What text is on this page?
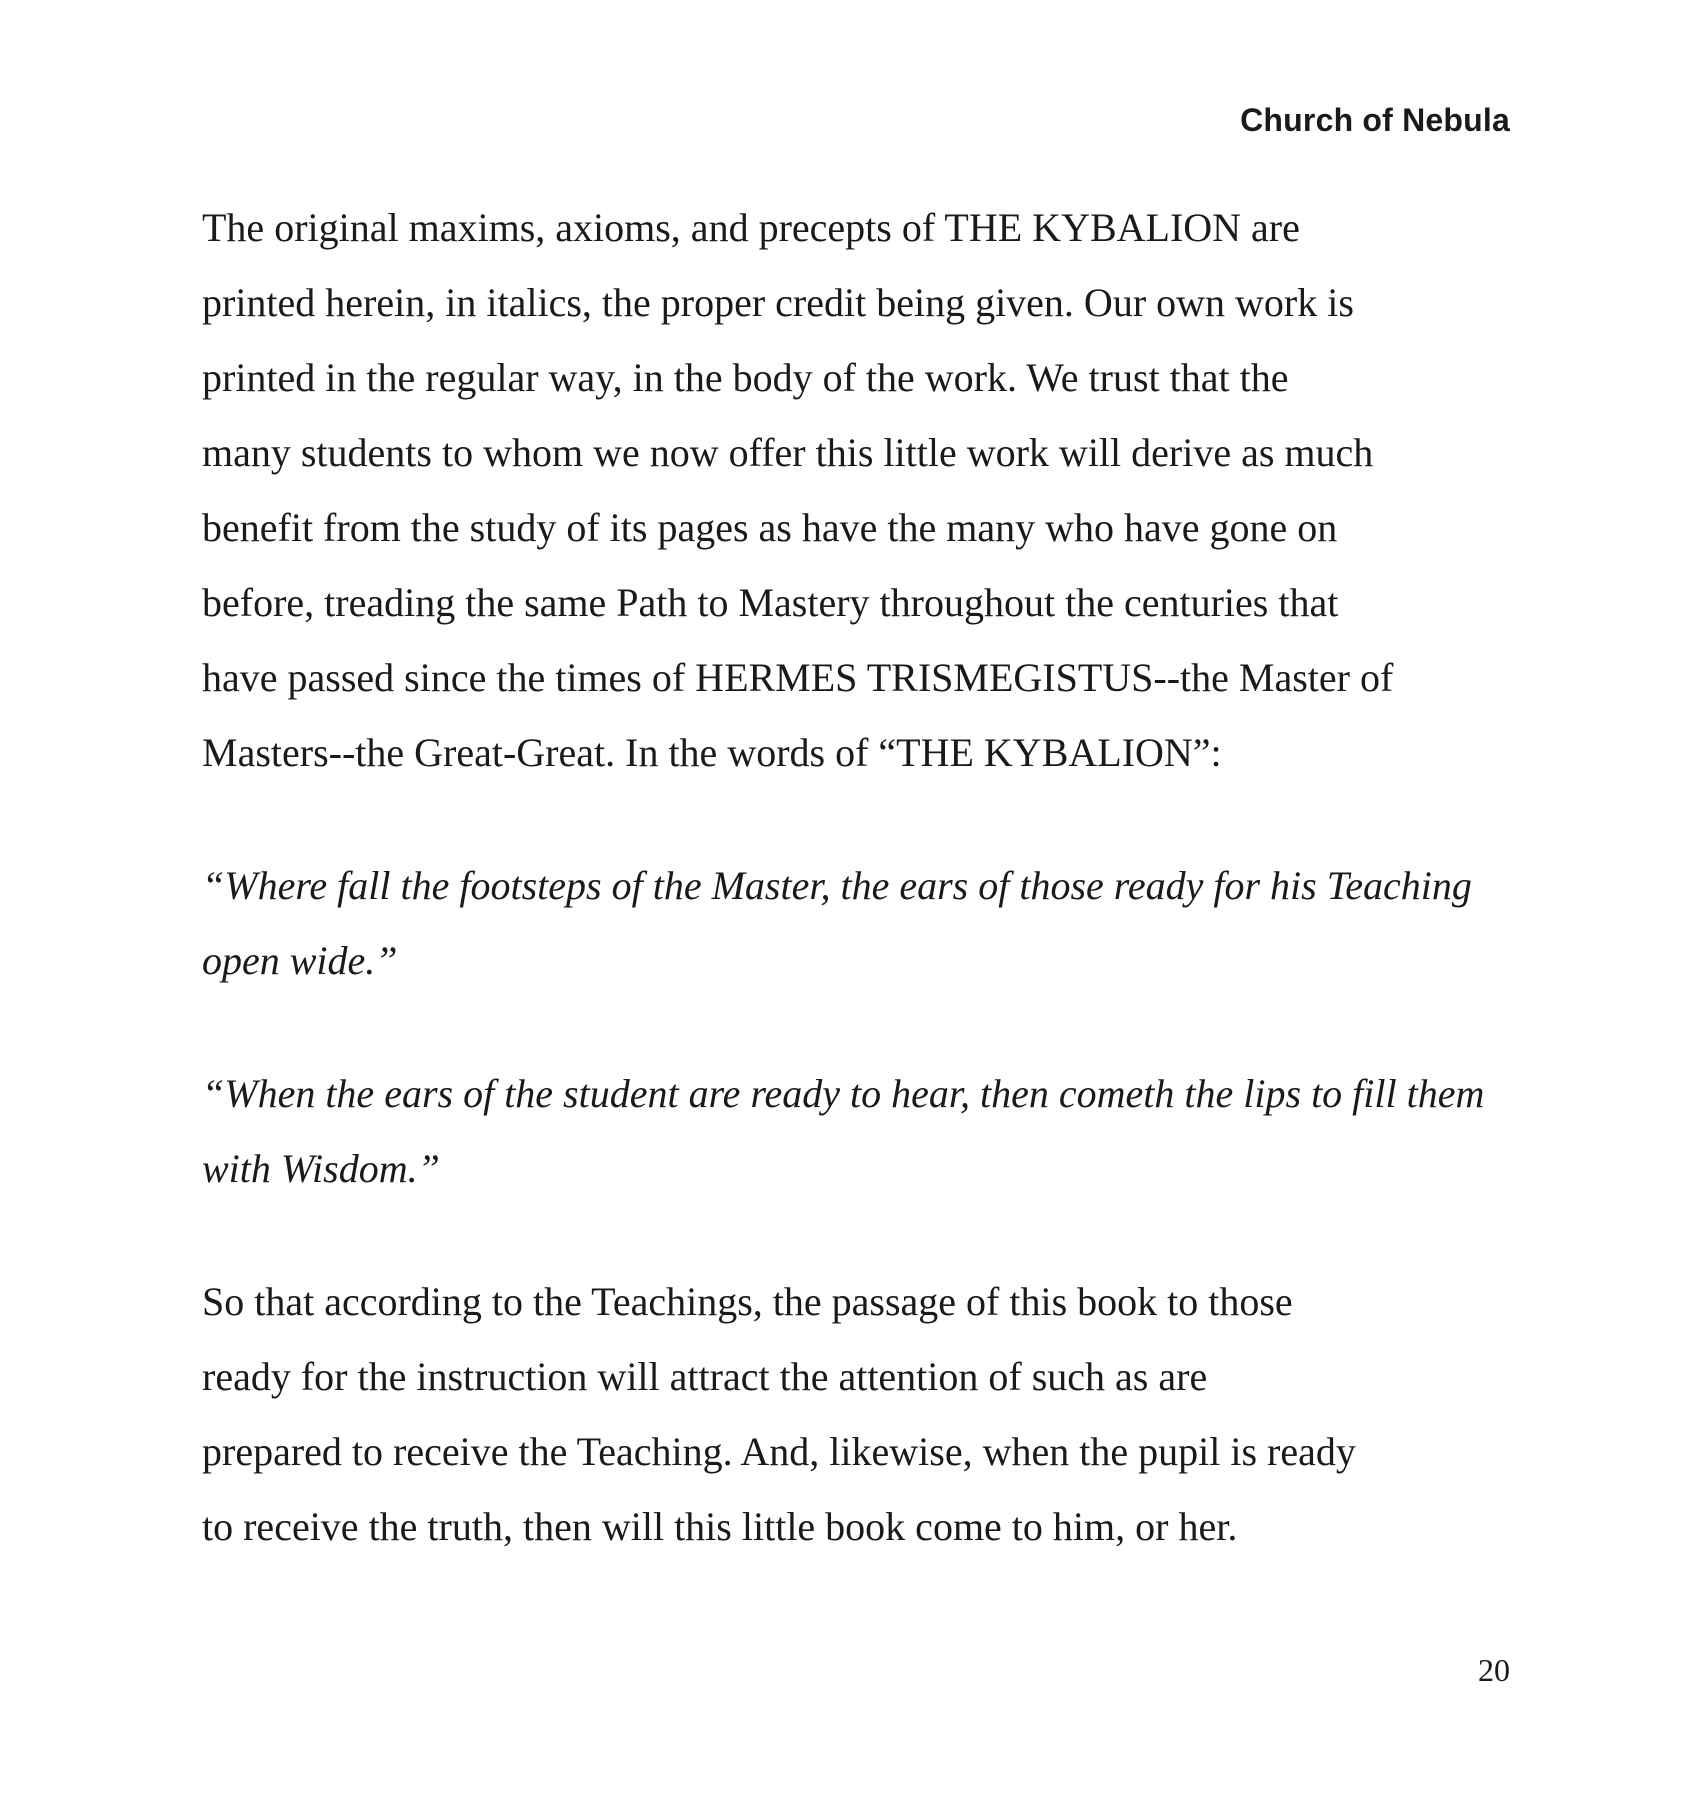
Church of Nebula

The original maxims, axioms, and precepts of THE KYBALION are
printed herein, in italics, the proper credit being given. Our own work is
printed in the regular way, in the body of the work. We trust that the
many students to whom we now offer this little work will derive as much
benefit from the study of its pages as have the many who have gone on
before, treading the same Path to Mastery throughout the centuries that
have passed since the times of HERMES TRISMEGISTUS--the Master of
Masters--the Great-Great. In the words of “THE KYBALION”:

“Where fall the footsteps of the Master, the ears of those ready for his Teaching
open wide.”

“When the ears of the student are ready to hear, then cometh the lips to fill them
with Wisdom.”

So that according to the Teachings, the passage of this book to those
ready for the instruction will attract the attention of such as are
prepared to receive the Teaching. And, likewise, when the pupil is ready
to receive the truth, then will this little book come to him, or her.

20
